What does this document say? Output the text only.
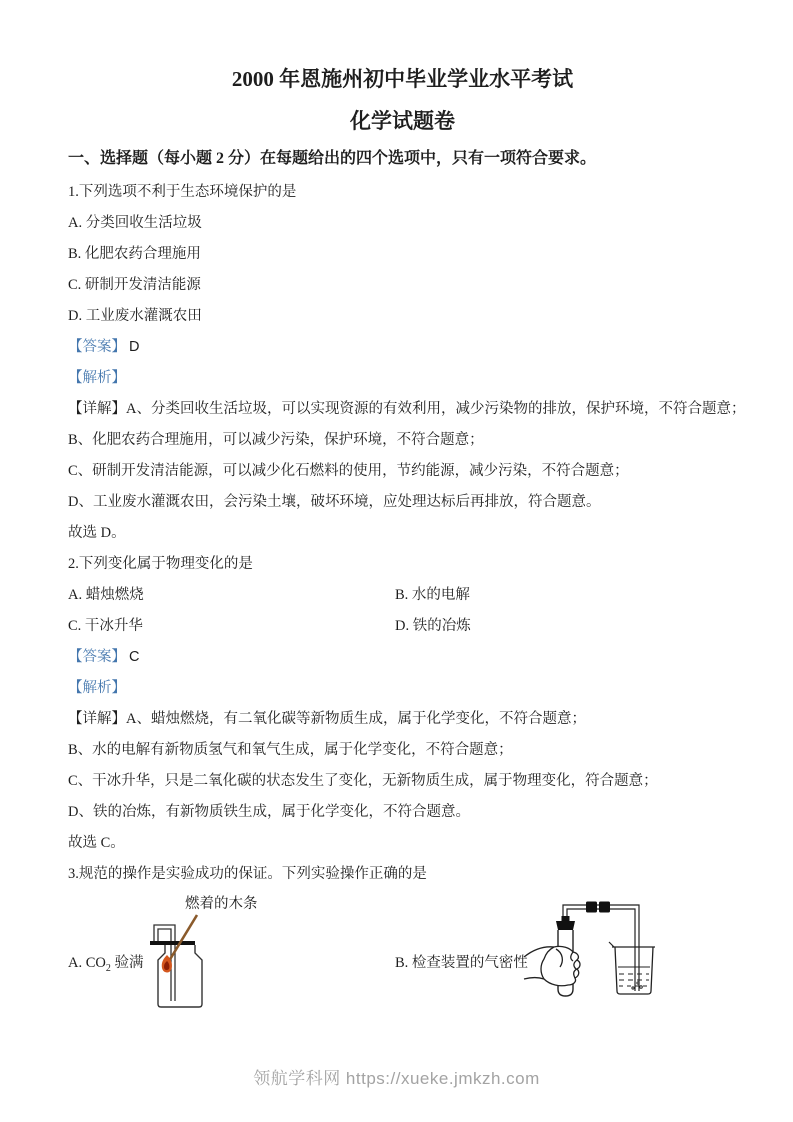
2000 年恩施州初中毕业学业水平考试
化学试题卷
一、选择题（每小题 2 分）在每题给出的四个选项中，只有一项符合要求。

1.下列选项不利于生态环境保护的是

A. 分类回收生活垃圾

B. 化肥农药合理施用

C. 研制开发清洁能源

D. 工业废水灌溉农田

【答案】 D

【解析】

【详解】A、分类回收生活垃圾，可以实现资源的有效利用，减少污染物的排放，保护环境，不符合题意；

B、化肥农药合理施用，可以减少污染，保护环境，不符合题意；

C、研制开发清洁能源，可以减少化石燃料的使用，节约能源，减少污染，不符合题意；

D、工业废水灌溉农田，会污染土壤，破坏环境，应处理达标后再排放，符合题意。

故选 D。

2.下列变化属于物理变化的是

A. 蜡烛燃烧	B. 水的电解

C. 干冰升华	D. 铁的冶炼

【答案】 C

【解析】

【详解】A、蜡烛燃烧，有二氧化碳等新物质生成，属于化学变化，不符合题意；

B、水的电解有新物质氢气和氧气生成，属于化学变化，不符合题意；

C、干冰升华，只是二氧化碳的状态发生了变化，无新物质生成，属于物理变化，符合题意；

D、铁的冶炼，有新物质铁生成，属于化学变化，不符合题意。

故选 C。

3.规范的操作是实验成功的保证。下列实验操作正确的是

燃着的木条

A. $CO_2$ 验满	B. 检查装置的气密性

领航学科网 https://xueke.jmkzh.com
